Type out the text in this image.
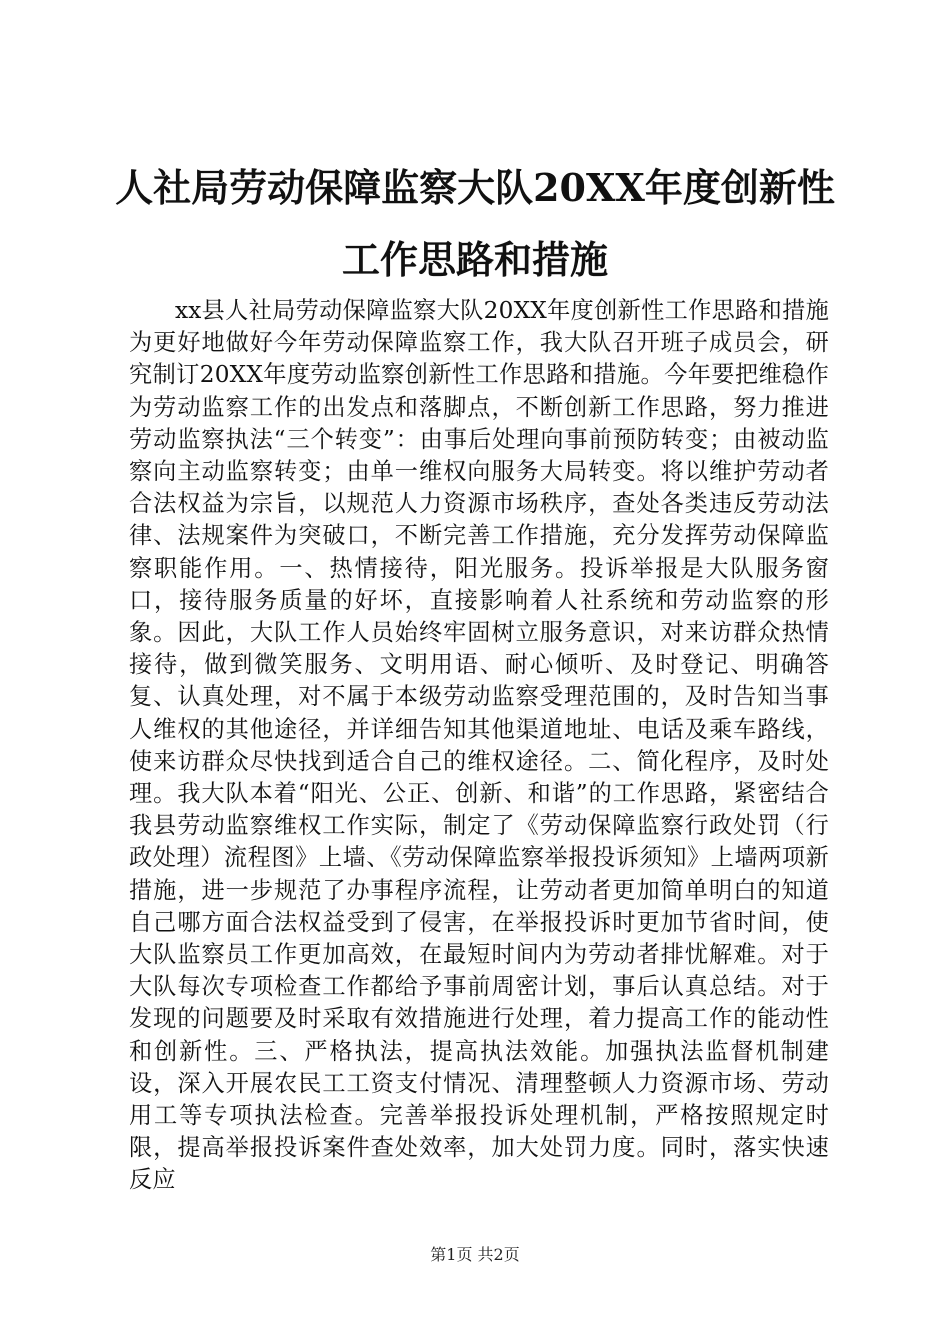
人社局劳动保障监察大队20XX年度创新性工作思路和措施

xx县人社局劳动保障监察大队20XX年度创新性工作思路和措施为更好地做好今年劳动保障监察工作，我大队召开班子成员会，研究制订20XX年度劳动监察创新性工作思路和措施。今年要把维稳作为劳动监察工作的出发点和落脚点，不断创新工作思路，努力推进劳动监察执法“三个转变”：由事后处理向事前预防转变；由被动监察向主动监察转变；由单一维权向服务大局转变。将以维护劳动者合法权益为宗旨，以规范人力资源市场秩序，查处各类违反劳动法律、法规案件为突破口，不断完善工作措施，充分发挥劳动保障监察职能作用。一、热情接待，阳光服务。投诉举报是大队服务窗口，接待服务质量的好坏，直接影响着人社系统和劳动监察的形象。因此，大队工作人员始终牢固树立服务意识，对来访群众热情接待，做到微笑服务、文明用语、耐心倾听、及时登记、明确答复、认真处理，对不属于本级劳动监察受理范围的，及时告知当事人维权的其他途径，并详细告知其他渠道地址、电话及乘车路线，使来访群众尽快找到适合自己的维权途径。二、简化程序，及时处理。我大队本着“阳光、公正、创新、和谐”的工作思路，紧密结合我县劳动监察维权工作实际，制定了《劳动保障监察行政处罚（行政处理）流程图》上墙、《劳动保障监察举报投诉须知》上墙两项新措施，进一步规范了办事程序流程，让劳动者更加简单明白的知道自己哪方面合法权益受到了侵害，在举报投诉时更加节省时间，使大队监察员工作更加高效，在最短时间内为劳动者排忧解难。对于大队每次专项检查工作都给予事前周密计划，事后认真总结。对于发现的问题要及时采取有效措施进行处理，着力提高工作的能动性和创新性。三、严格执法，提高执法效能。加强执法监督机制建设，深入开展农民工工资支付情况、清理整顿人力资源市场、劳动用工等专项执法检查。完善举报投诉处理机制，严格按照规定时限，提高举报投诉案件查处效率，加大处罚力度。同时，落实快速反应

第1页 共2页
